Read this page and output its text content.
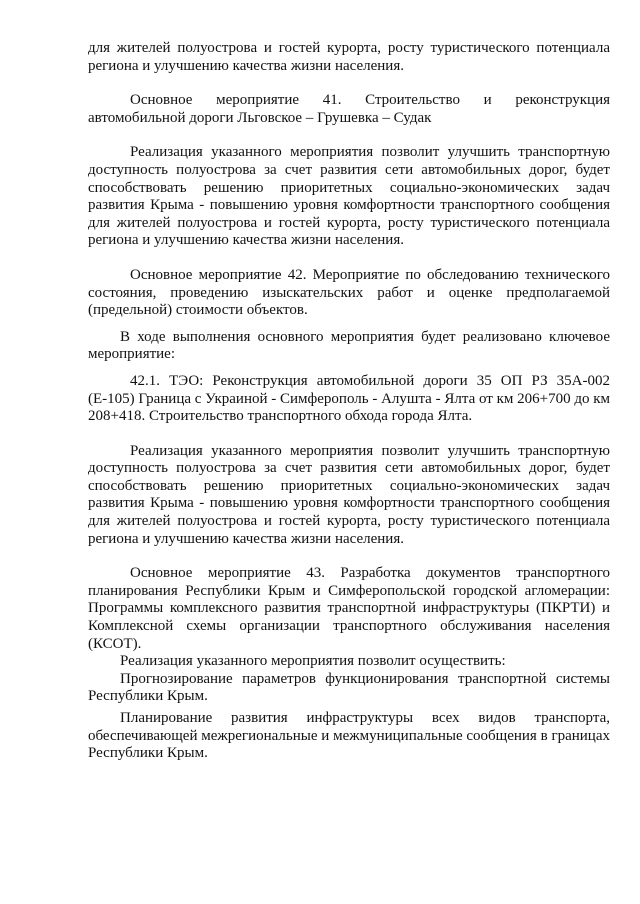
для жителей полуострова и гостей курорта, росту туристического потенциала региона и улучшению качества жизни населения.

Основное мероприятие 41. Строительство и реконструкция автомобильной дороги Льговское – Грушевка – Судак

Реализация указанного мероприятия позволит улучшить транспортную доступность полуострова за счет развития сети автомобильных дорог, будет способствовать решению приоритетных социально-экономических задач развития Крыма - повышению уровня комфортности транспортного сообщения для жителей полуострова и гостей курорта, росту туристического потенциала региона и улучшению качества жизни населения.

Основное мероприятие 42. Мероприятие по обследованию технического состояния, проведению изыскательских работ и оценке предполагаемой (предельной) стоимости объектов.

В ходе выполнения основного мероприятия будет реализовано ключевое мероприятие:

42.1. ТЭО: Реконструкция автомобильной дороги 35 ОП РЗ 35А-002 (Е-105) Граница с Украиной - Симферополь - Алушта - Ялта от км 206+700 до км 208+418. Строительство транспортного обхода города Ялта.

Реализация указанного мероприятия позволит улучшить транспортную доступность полуострова за счет развития сети автомобильных дорог, будет способствовать решению приоритетных социально-экономических задач развития Крыма - повышению уровня комфортности транспортного сообщения для жителей полуострова и гостей курорта, росту туристического потенциала региона и улучшению качества жизни населения.

Основное мероприятие 43. Разработка документов транспортного планирования Республики Крым и Симферопольской городской агломерации: Программы комплексного развития транспортной инфраструктуры (ПКРТИ) и Комплексной схемы организации транспортного обслуживания населения (КСОТ).

Реализация указанного мероприятия позволит осуществить:

Прогнозирование параметров функционирования транспортной системы Республики Крым.

Планирование развития инфраструктуры всех видов транспорта, обеспечивающей межрегиональные и межмуниципальные сообщения в границах Республики Крым.
